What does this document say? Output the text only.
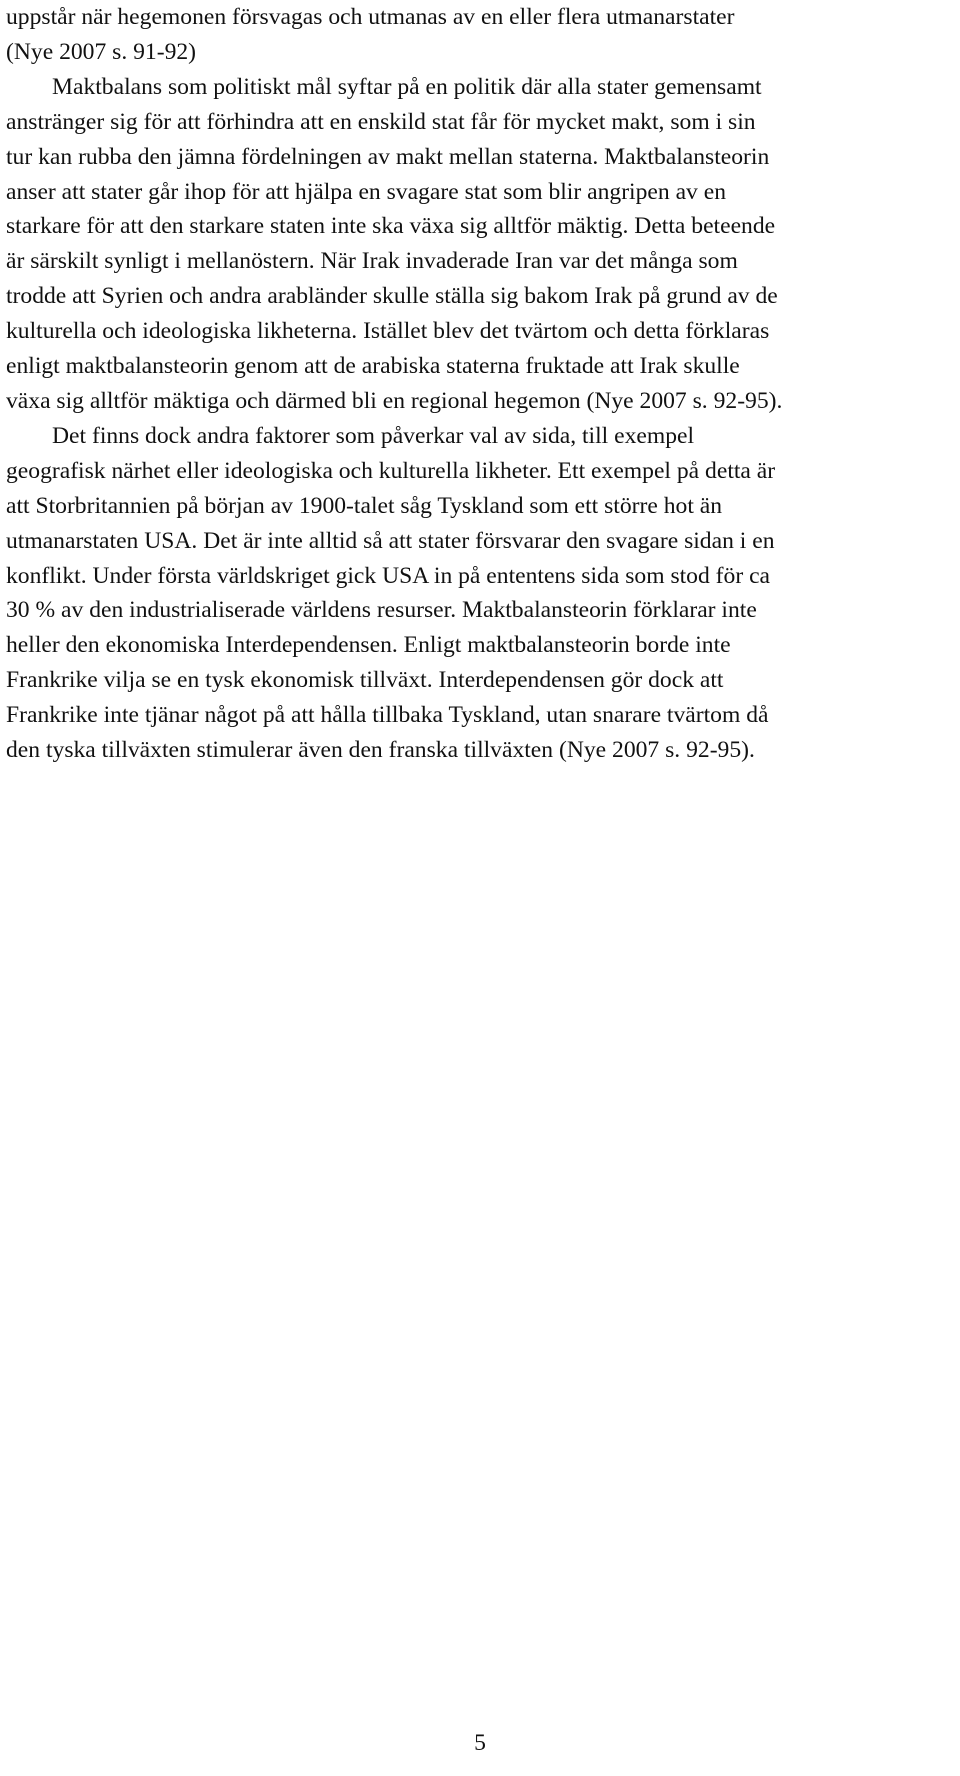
uppstår när hegemonen försvagas och utmanas av en eller flera utmanarstater
(Nye 2007 s. 91-92)
Maktbalans som politiskt mål syftar på en politik där alla stater gemensamt
anstränger sig för att förhindra att en enskild stat får för mycket makt, som i sin
tur kan rubba den jämna fördelningen av makt mellan staterna. Maktbalansteorin
anser att stater går ihop för att hjälpa en svagare stat som blir angripen av en
starkare för att den starkare staten inte ska växa sig alltför mäktig. Detta beteende
är särskilt synligt i mellanöstern. När Irak invaderade Iran var det många som
trodde att Syrien och andra arabländer skulle ställa sig bakom Irak på grund av de
kulturella och ideologiska likheterna. Istället blev det tvärtom och detta förklaras
enligt maktbalansteorin genom att de arabiska staterna fruktade att Irak skulle
växa sig alltför mäktiga och därmed bli en regional hegemon (Nye 2007 s. 92-95).
Det finns dock andra faktorer som påverkar val av sida, till exempel
geografisk närhet eller ideologiska och kulturella likheter. Ett exempel på detta är
att Storbritannien på början av 1900-talet såg Tyskland som ett större hot än
utmanarstaten USA. Det är inte alltid så att stater försvarar den svagare sidan i en
konflikt. Under första världskriget gick USA in på ententens sida som stod för ca
30 % av den industrialiserade världens resurser. Maktbalansteorin förklarar inte
heller den ekonomiska Interdependensen. Enligt maktbalansteorin borde inte
Frankrike vilja se en tysk ekonomisk tillväxt. Interdependensen gör dock att
Frankrike inte tjänar något på att hålla tillbaka Tyskland, utan snarare tvärtom då
den tyska tillväxten stimulerar även den franska tillväxten (Nye 2007 s. 92-95).
5
